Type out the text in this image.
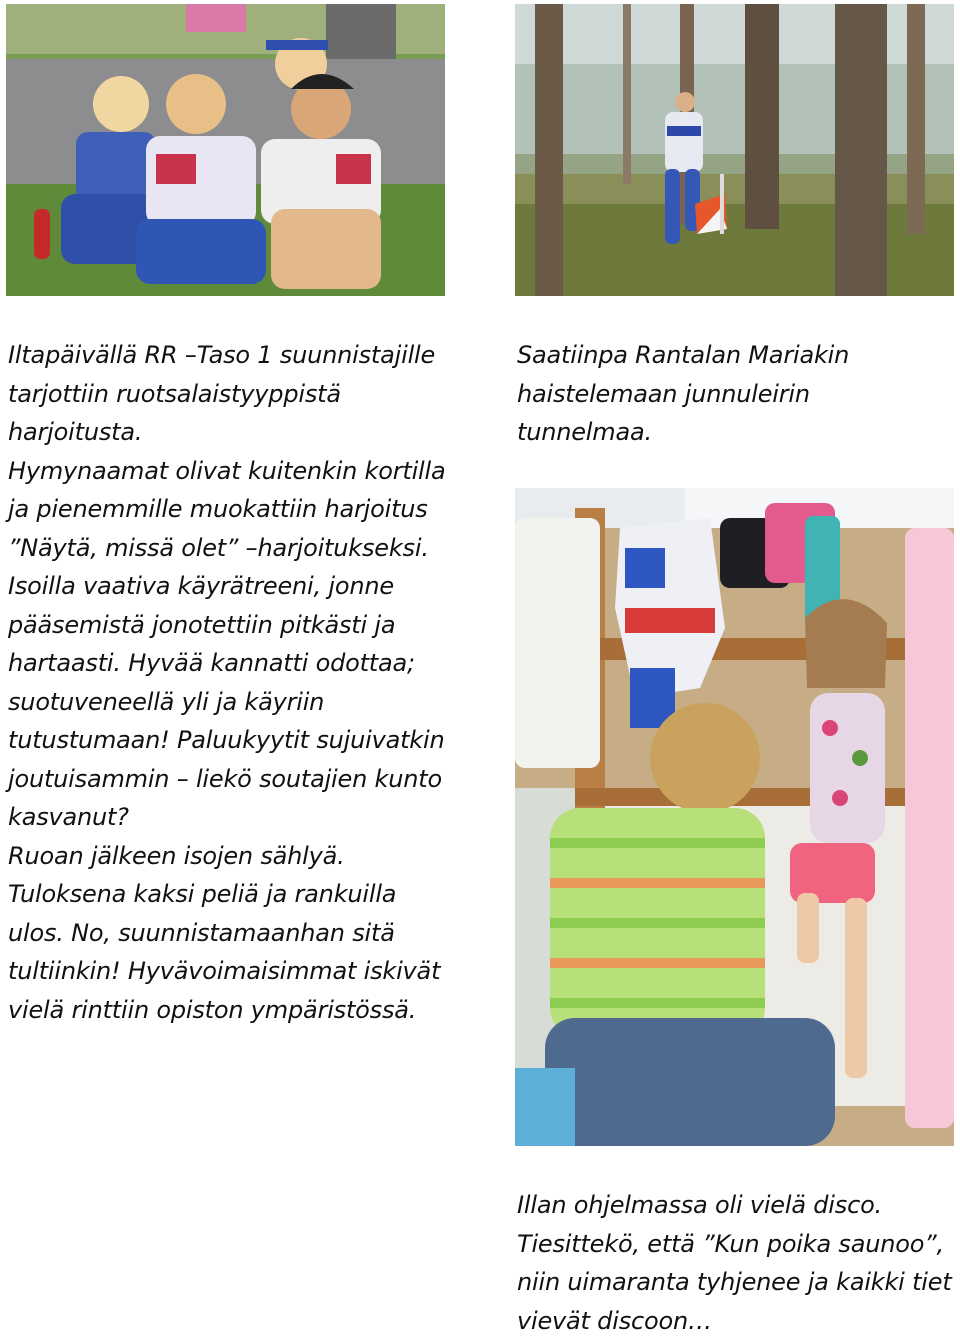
Iltapäivällä RR –Taso 1 suunnistajille tarjottiin ruotsalaistyyppistä harjoitusta.

Hymynaamat olivat kuitenkin kortilla ja pienemmille muokattiin harjoitus ”Näytä, missä olet” –harjoitukseksi.

Isoilla vaativa käyrätreeni, jonne pääsemistä jonotettiin pitkästi ja hartaasti. Hyvää kannatti odottaa; suotuveneellä yli ja käyriin tutustumaan! Paluukyytit sujuivatkin joutuisammin – liekö soutajien kunto kasvanut?

Ruoan jälkeen isojen sählyä. Tuloksena kaksi peliä ja rankuilla ulos. No, suunnistamaanhan sitä tultiinkin! Hyvävoimaisimmat iskivät vielä rinttiin opiston ympäristössä.

Saatiinpa Rantalan Mariakin haistelemaan junnuleirin tunnelmaa.

Illan ohjelmassa oli vielä disco. Tiesittekö, että ”Kun poika saunoo”, niin uimaranta tyhjenee ja kaikki tiet vievät discoon…
